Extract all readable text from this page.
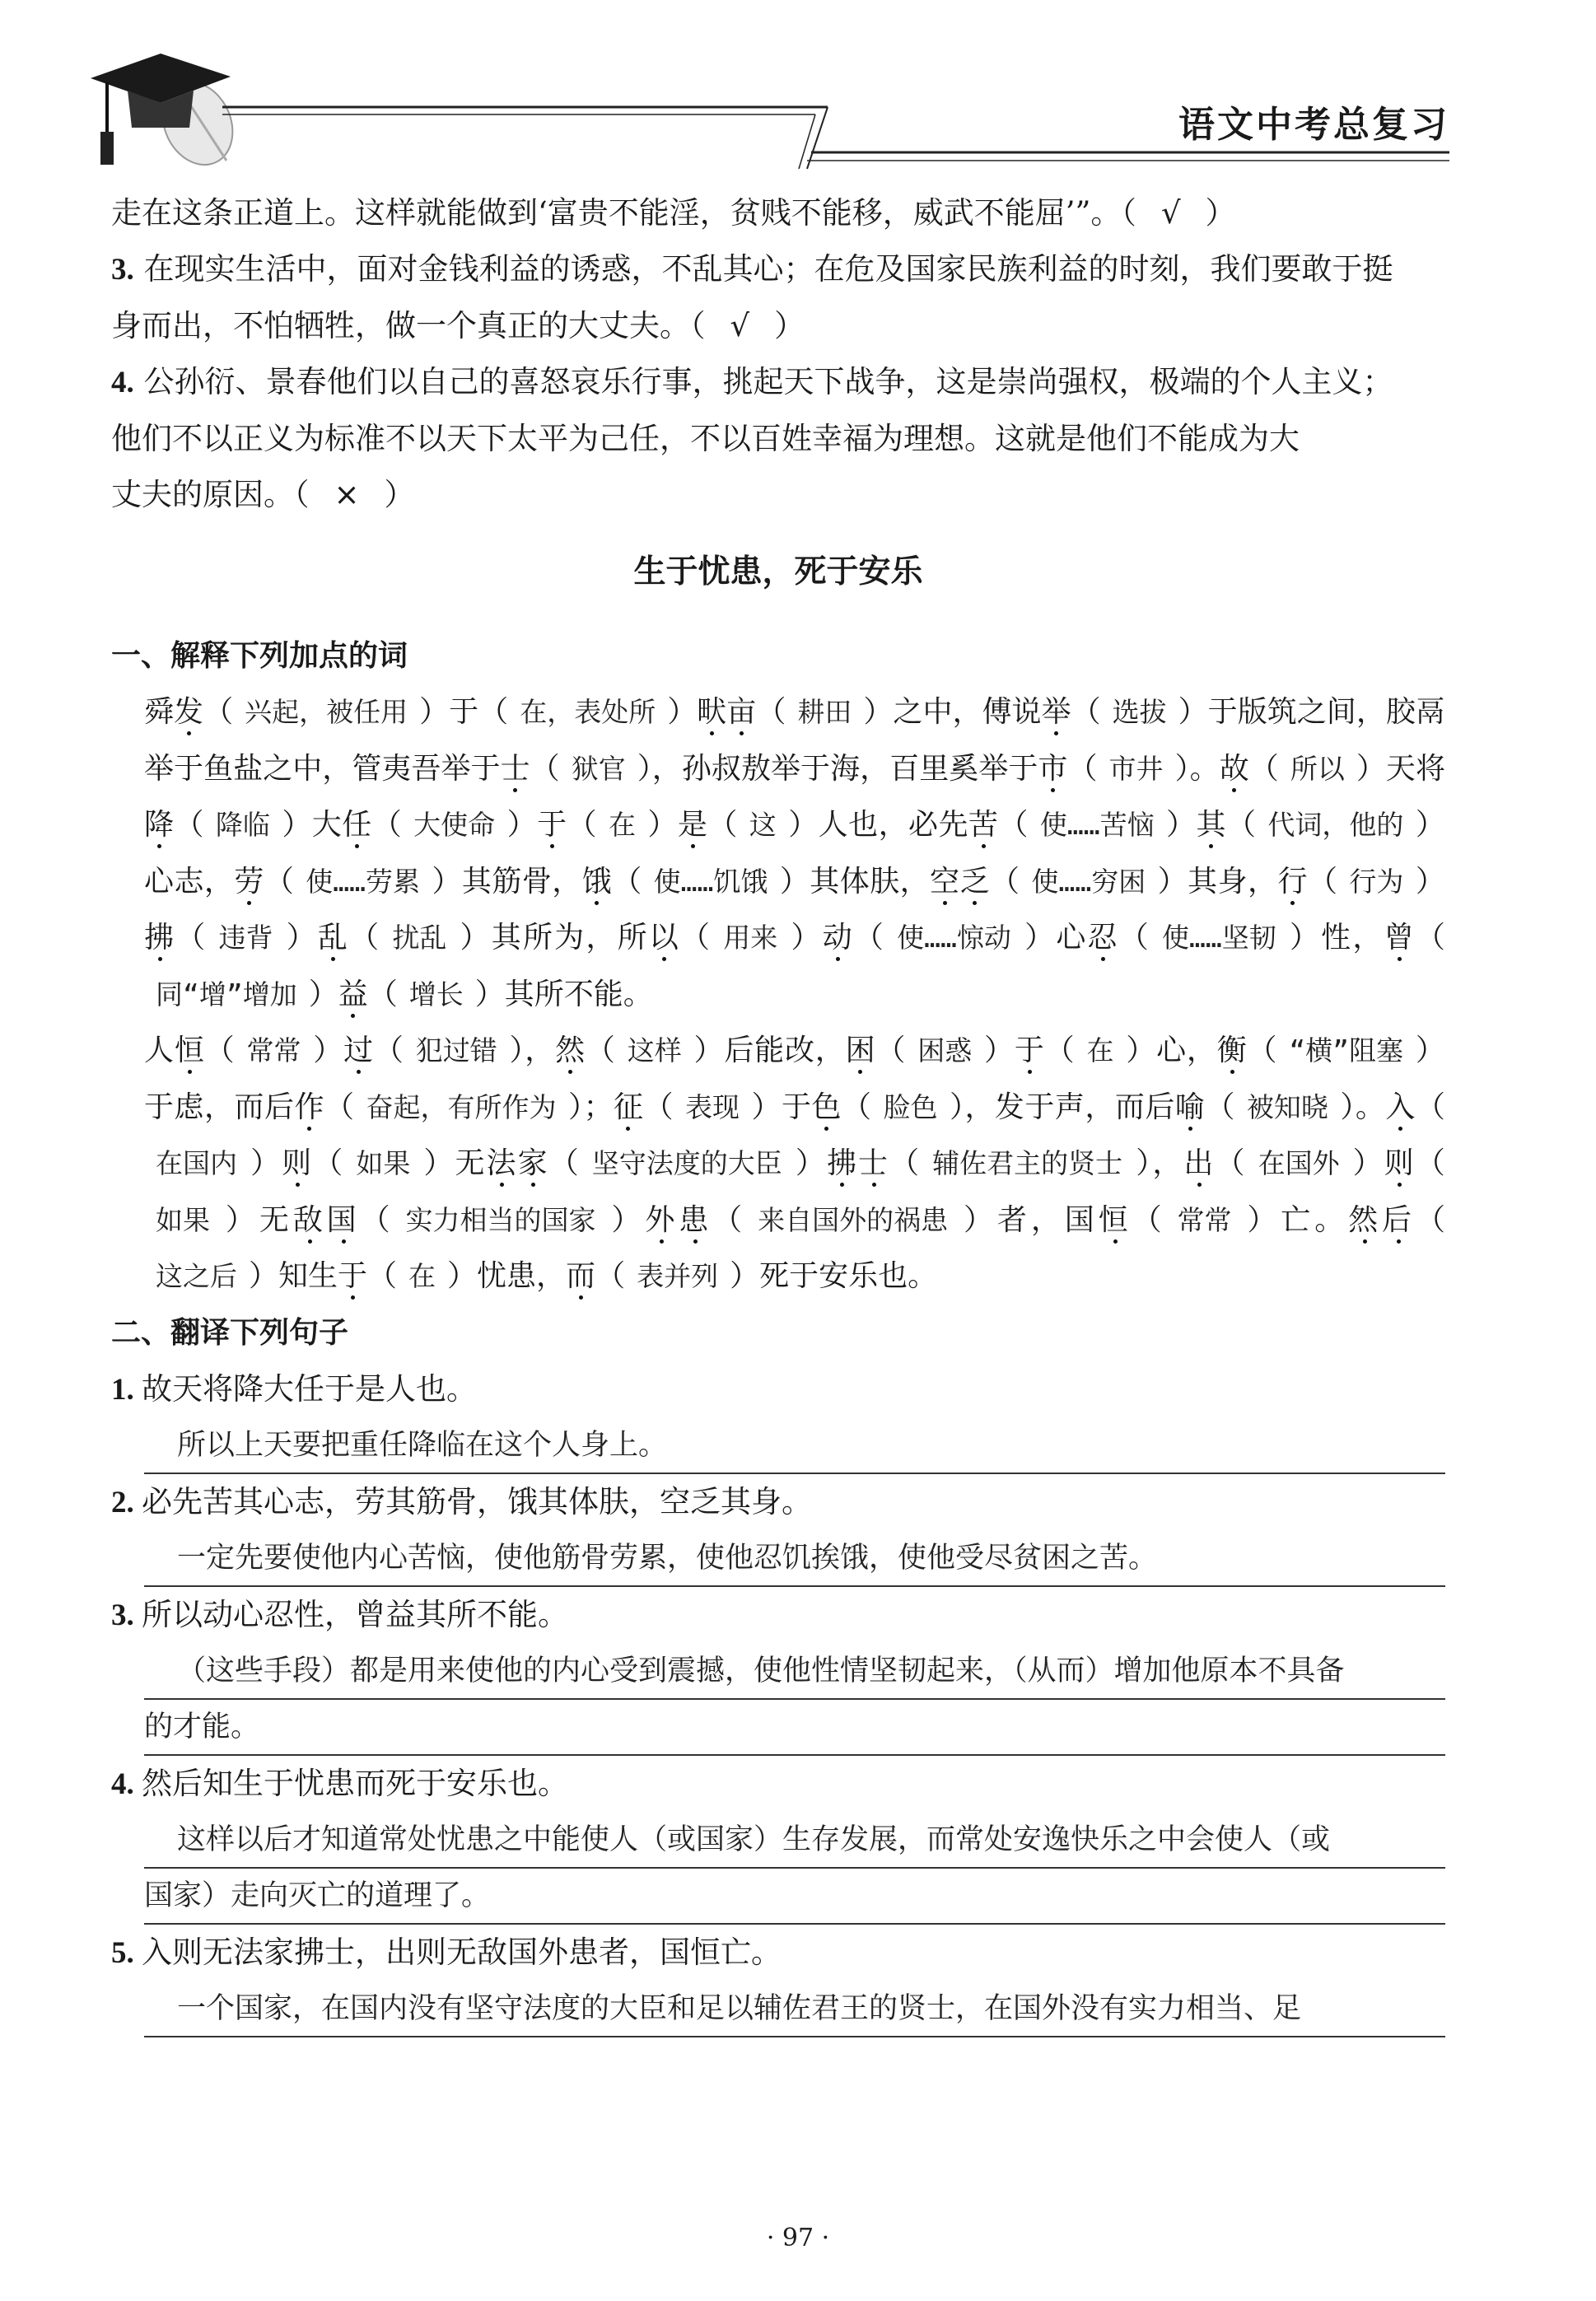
语文中考总复习
走在这条正道上。这样就能做到‘富贵不能淫，贫贱不能移，威武不能屈’”。（ √ ）
3. 在现实生活中，面对金钱利益的诱惑，不乱其心；在危及国家民族利益的时刻，我们要敢于挺
身而出，不怕牺牲，做一个真正的大丈夫。（ √ ）
4. 公孙衍、景春他们以自己的喜怒哀乐行事，挑起天下战争，这是崇尚强权，极端的个人主义；
他们不以正义为标准不以天下太平为己任，不以百姓幸福为理想。这就是他们不能成为大
丈夫的原因。（ × ）
生于忧患，死于安乐
一、解释下列加点的词
舜发（ 兴起，被任用 ）于（ 在，表处所 ）畎亩（ 耕田 ）之中，傅说举（ 选拔 ）于版筑之间，胶鬲举于鱼盐之中，管夷吾举于士（ 狱官 ），孙叔敖举于海，百里奚举于市（ 市井 ）。故（ 所以 ）天将降（ 降临 ）大任（ 大使命 ）于（ 在 ）是（ 这 ）人也，必先苦（ 使……苦恼 ）其（ 代词，他的 ）心志，劳（ 使……劳累 ）其筋骨，饿（ 使……饥饿 ）其体肤，空乏（ 使……穷困 ）其身，行（ 行为 ）拂（ 违背 ）乱（ 扰乱 ）其所为，所以（ 用来 ）动（ 使……惊动 ）心忍（ 使……坚韧 ）性，曾（同“增”增加 ）益（ 增长 ）其所不能。
人恒（ 常常 ）过（ 犯过错 ），然（ 这样 ）后能改，困（ 困惑 ）于（ 在 ）心，衡（ “横”阻塞 ）于虑，而后作（ 奋起，有所作为 ）；征（ 表现 ）于色（ 脸色 ），发于声，而后喻（ 被知晓 ）。入（在国内 ）则（ 如果 ）无法家（ 坚守法度的大臣 ）拂士（ 辅佐君主的贤士 ），出（ 在国外 ）则（如果 ）无敌国（ 实力相当的国家 ）外患（ 来自国外的祸患 ）者，国恒（ 常常 ）亡。然后（这之后 ）知生于（ 在 ）忧患，而（ 表并列 ）死于安乐也。
二、翻译下列句子
1. 故天将降大任于是人也。
所以上天要把重任降临在这个人身上。
2. 必先苦其心志，劳其筋骨，饿其体肤，空乏其身。
一定先要使他内心苦恼，使他筋骨劳累，使他忍饥挨饿，使他受尽贫困之苦。
3. 所以动心忍性，曾益其所不能。
（这些手段）都是用来使他的内心受到震撼，使他性情坚韧起来，（从而）增加他原本不具备
的才能。
4. 然后知生于忧患而死于安乐也。
这样以后才知道常处忧患之中能使人（或国家）生存发展，而常处安逸快乐之中会使人（或
国家）走向灭亡的道理了。
5. 入则无法家拂士，出则无敌国外患者，国恒亡。
一个国家，在国内没有坚守法度的大臣和足以辅佐君王的贤士，在国外没有实力相当、足
· 97 ·
